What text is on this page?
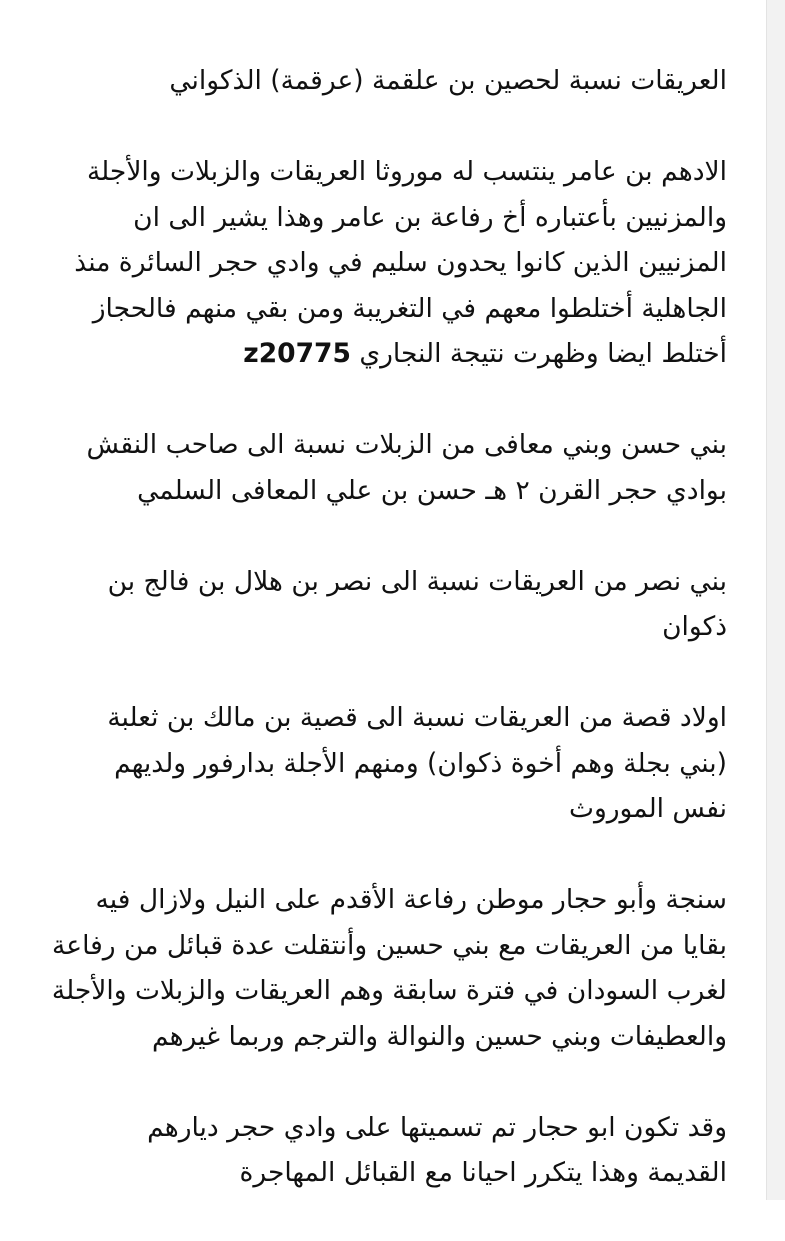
العريقات نسبة لحصين بن علقمة (عرقمة) الذكواني

الادهم بن عامر ينتسب له موروثا العريقات والزبلات والأجلة
والمزنيين بأعتباره أخ رفاعة بن عامر وهذا يشير الى ان
المزنيين الذين كانوا يحدون سليم في وادي حجر السائرة منذ
الجاهلية أختلطوا معهم في التغريبة ومن بقي منهم فالحجاز
أختلط ايضا وظهرت نتيجة النجاري z20775

بني حسن وبني معافى من الزبلات نسبة الى صاحب النقش
بوادي حجر القرن ٢ هـ حسن بن علي المعافى السلمي

بني نصر من العريقات نسبة الى نصر بن هلال بن فالج بن
ذكوان

اولاد قصة من العريقات نسبة الى قصية بن مالك بن ثعلبة
(بني بجلة وهم أخوة ذكوان) ومنهم الأجلة بدارفور ولديهم
نفس الموروث

سنجة وأبو حجار موطن رفاعة الأقدم على النيل ولازال فيه
بقايا من العريقات مع بني حسين وأنتقلت عدة قبائل من رفاعة
لغرب السودان في فترة سابقة وهم العريقات والزبلات والأجلة
والعطيفات وبني حسين والنوالة والترجم وربما غيرهم

وقد تكون ابو حجار تم تسميتها على وادي حجر ديارهم
القديمة وهذا يتكرر احيانا مع القبائل المهاجرة
